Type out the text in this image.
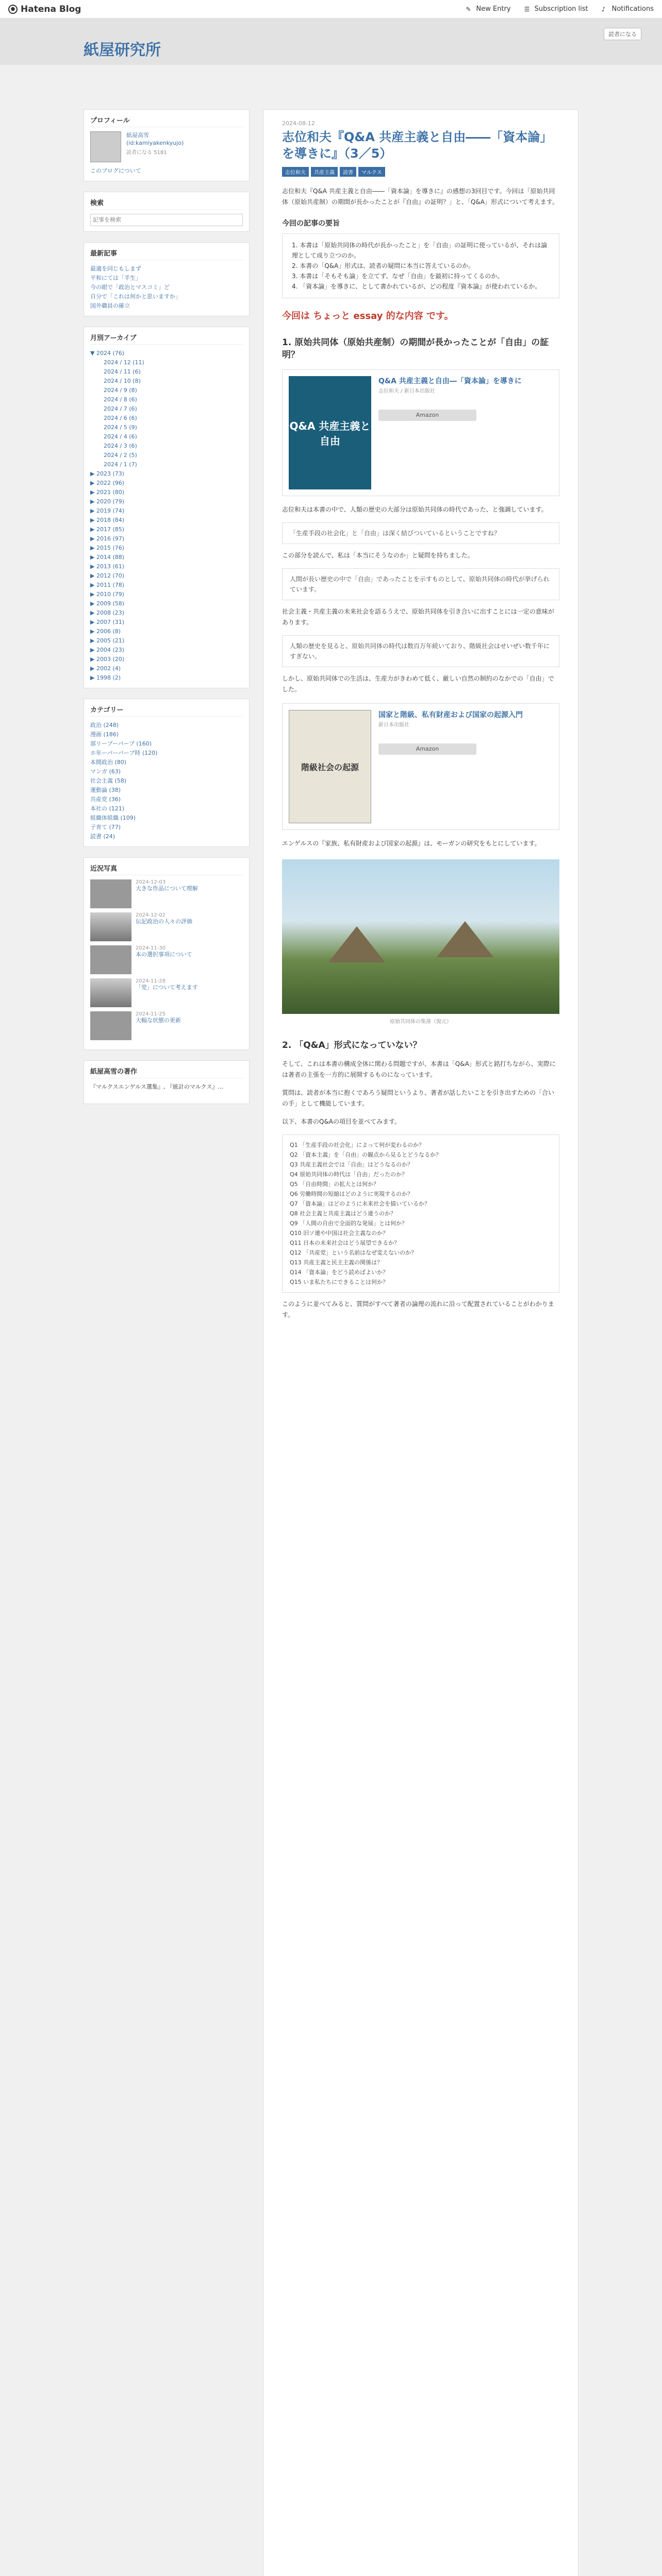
● Hatena Blog	✎ New Entry ☰ Subscription list ♪ Notifications
紙屋研究所
読者になる
プロフィール
紙屋高雪
(id:kamiyakenkyujo)
読者になる 5181
このブログについて
検索
記事を検索
最新記事
最適を同じもしまず
平和にては「半生」
今の眼で「政治とマスコミ」ど
自分で「これは何かと思いますか」
国外職員の確立
月別アーカイブ
▼ 2024 (76)
2024 / 12 (11)
2024 / 11 (6)
2024 / 10 (8)
2024 / 9 (8)
2024 / 8 (6)
2024 / 7 (6)
2024 / 6 (6)
2024 / 5 (9)
2024 / 4 (6)
2024 / 3 (6)
2024 / 2 (5)
2024 / 1 (7)
▶ 2023 (73)
▶ 2022 (96)
▶ 2021 (80)
▶ 2020 (79)
▶ 2019 (74)
▶ 2018 (84)
▶ 2017 (85)
▶ 2016 (97)
▶ 2015 (76)
▶ 2014 (88)
▶ 2013 (61)
▶ 2012 (70)
▶ 2011 (78)
▶ 2010 (79)
▶ 2009 (58)
▶ 2008 (23)
▶ 2007 (31)
▶ 2006 (8)
▶ 2005 (21)
▶ 2004 (23)
▶ 2003 (20)
▶ 2002 (4)
▶ 1998 (2)
カテゴリー
政治 (248)
漫画 (186)
部リーブーパーブ (160)
ホ年ーパーバーブ時 (120)
本間政治 (80)
マンガ (63)
社会主義 (58)
運動論 (38)
共産党 (36)
本社の (121)
組織体組織 (109)
子育て (77)
読書 (24)
近況写真
2024-12-03
大きな作品について理解
2024-12-02
伝記政治の人々の評価
2024-11-30
本の選択事項について
2024-11-28
「党」について考えます
2024-11-25
大幅な状態の更新
紙屋高雪の著作
『マルクスエンゲルス選集』, 『統計のマルクス』…
2024-08-12
志位和夫『Q&A 共産主義と自由――「資本論」を導きに』（3／5）
志位和夫	共産主義	読書	マルクス

志位和夫『Q&A 共産主義と自由――「資本論」を導きに』の感想の3回目です。今回は「原始共同体（原始共産制）の期間が長かったことが『自由』の証明？」と、「Q&A」形式について考えます。

今回の記事の要旨
1. 本書は「原始共同体の時代が長かったこと」を「自由」の証明に使っているが、それは論理として成り立つのか。
2. 本書の「Q&A」形式は、読者の疑問に本当に答えているのか。
3. 本書は「そもそも論」を立てず、なぜ「自由」を最初に持ってくるのか。
4. 「資本論」を導きに、として書かれているが、どの程度『資本論』が使われているか。
今回は ちょっと essay 的な内容 です。
1. 原始共同体（原始共産制）の期間が長かったことが「自由」の証明？
Q&A 共産主義と自由
Q&A 共産主義と自由―「資本論」を導きに
志位和夫 / 新日本出版社
Amazon

志位和夫は本書の中で、人類の歴史の大部分は原始共同体の時代であった、と強調しています。

「生産手段の社会化」と「自由」は深く結びついているということですね？

この部分を読んで、私は「本当にそうなのか」と疑問を持ちました。

人間が長い歴史の中で「自由」であったことを示すものとして、原始共同体の時代が挙げられています。

社会主義・共産主義の未来社会を語るうえで、原始共同体を引き合いに出すことには一定の意味があります。

人類の歴史を見ると、原始共同体の時代は数百万年続いており、階級社会はせいぜい数千年にすぎない。

しかし、原始共同体での生活は、生産力がきわめて低く、厳しい自然の制約のなかでの「自由」でした。

階級社会の起源
国家と階級、私有財産および国家の起源入門
新日本出版社
Amazon

エンゲルスの『家族、私有財産および国家の起源』は、モーガンの研究をもとにしています。

原始共同体の集落（復元）
2. 「Q&A」形式になっていない？

そして、これは本書の構成全体に関わる問題ですが、本書は「Q&A」形式と銘打ちながら、実際には著者の主張を一方的に展開するものになっています。

質問は、読者が本当に抱くであろう疑問というより、著者が話したいことを引き出すための「合いの手」として機能しています。

以下、本書のQ&Aの項目を並べてみます。

Q1 「生産手段の社会化」によって何が変わるのか？
Q2 「資本主義」を「自由」の観点から見るとどうなるか？
Q3 共産主義社会では「自由」はどうなるのか？
Q4 原始共同体の時代は「自由」だったのか？
Q5 「自由時間」の拡大とは何か？
Q6 労働時間の短縮はどのように実現するのか？
Q7 「資本論」はどのように未来社会を描いているか？
Q8 社会主義と共産主義はどう違うのか？
Q9 「人間の自由で全面的な発展」とは何か？
Q10 旧ソ連や中国は社会主義なのか？
Q11 日本の未来社会はどう展望できるか？
Q12 「共産党」という名前はなぜ変えないのか？
Q13 共産主義と民主主義の関係は？
Q14 「資本論」をどう読めばよいか？
Q15 いま私たちにできることは何か？

このように並べてみると、質問がすべて著者の論理の流れに沿って配置されていることがわかります。
